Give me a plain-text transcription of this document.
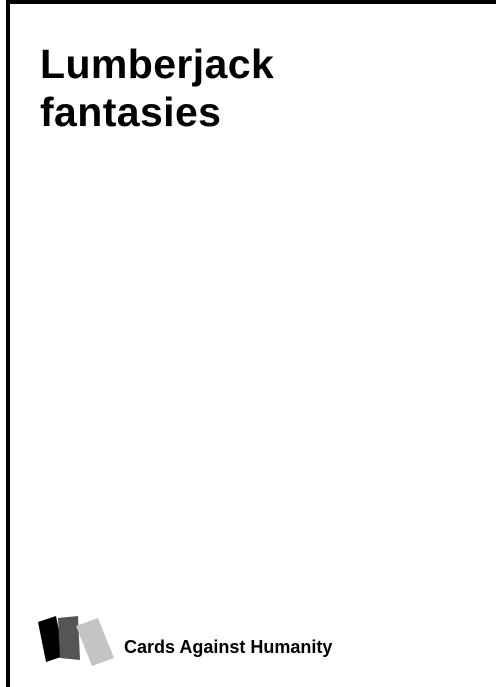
Lumberjack
fantasies

Cards Against Humanity
